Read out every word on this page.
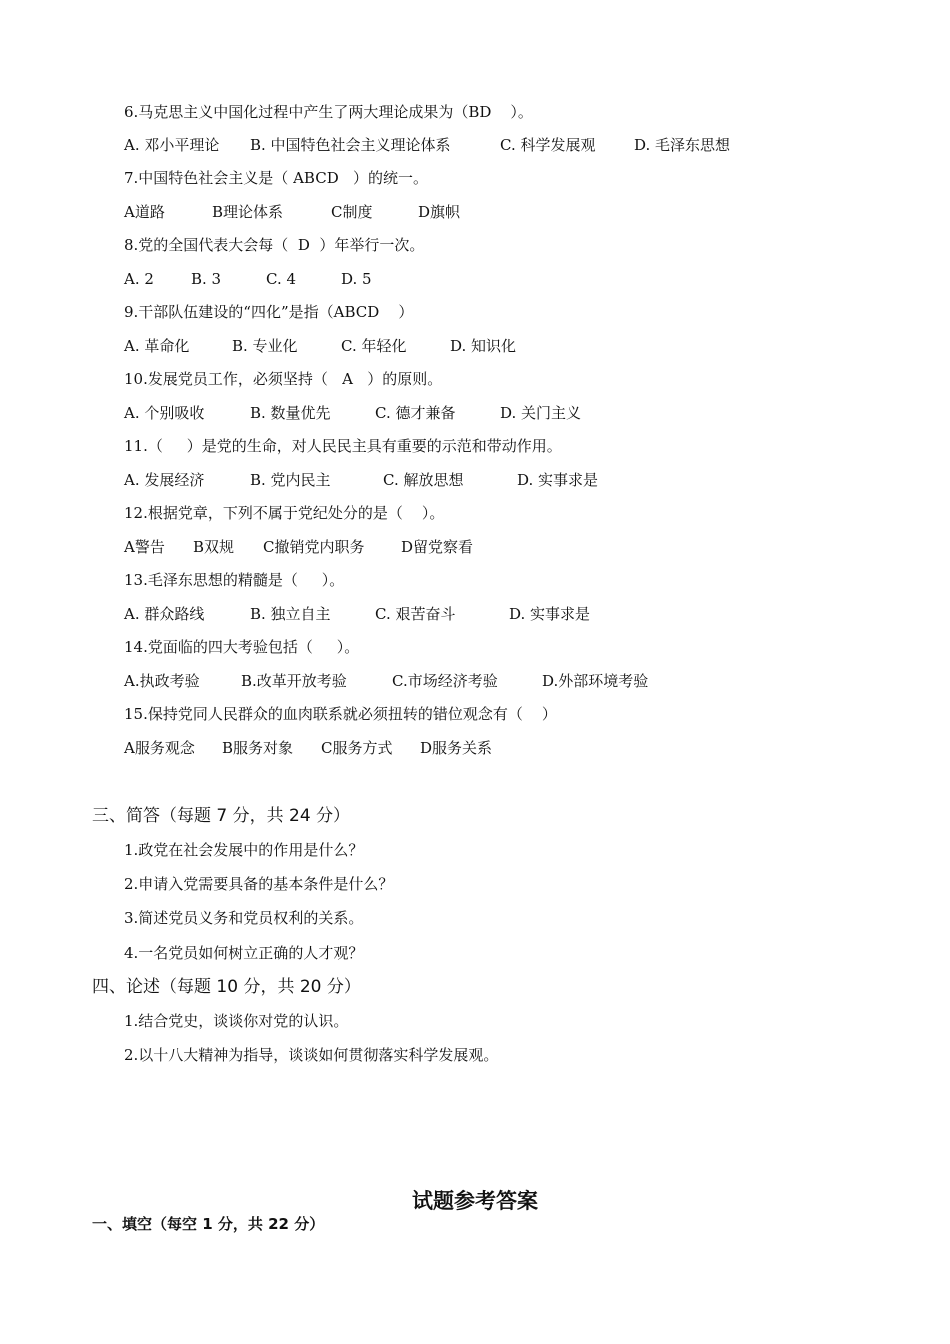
6.马克思主义中国化过程中产生了两大理论成果为（BD    ）。
A. 邓小平理论 B. 中国特色社会主义理论体系	C. 科学发展观	D. 毛泽东思想
7.中国特色社会主义是（ ABCD   ）的统一。
A道路	B理论体系	C制度	D旗帜
8.党的全国代表大会每（  D  ）年举行一次。
A. 2 B. 3	C. 4	D. 5
9.干部队伍建设的“四化”是指（ABCD    ）
A. 革命化	B. 专业化	C. 年轻化	D. 知识化
10.发展党员工作，必须坚持（   A   ）的原则。
A. 个别吸收	B. 数量优先	C. 德才兼备	D. 关门主义
11.（     ）是党的生命，对人民民主具有重要的示范和带动作用。
A. 发展经济	B. 党内民主	C. 解放思想	D. 实事求是
12.根据党章，下列不属于党纪处分的是（    ）。
A警告 B双规 C撤销党内职务 D留党察看
13.毛泽东思想的精髓是（     ）。
A. 群众路线	B. 独立自主	C. 艰苦奋斗	D. 实事求是
14.党面临的四大考验包括（     ）。
A.执政考验	B.改革开放考验	C.市场经济考验	D.外部环境考验
15.保持党同人民群众的血肉联系就必须扭转的错位观念有（    ）
A服务观念 B服务对象 C服务方式 D服务关系
三、简答（每题 7 分，共 24 分）
1.政党在社会发展中的作用是什么？
2.申请入党需要具备的基本条件是什么？
3.简述党员义务和党员权利的关系。
4.一名党员如何树立正确的人才观？
四、论述（每题 10 分，共 20 分）
1.结合党史，谈谈你对党的认识。
2.以十八大精神为指导，谈谈如何贯彻落实科学发展观。
试题参考答案
一、填空（每空 1 分，共 22 分）
